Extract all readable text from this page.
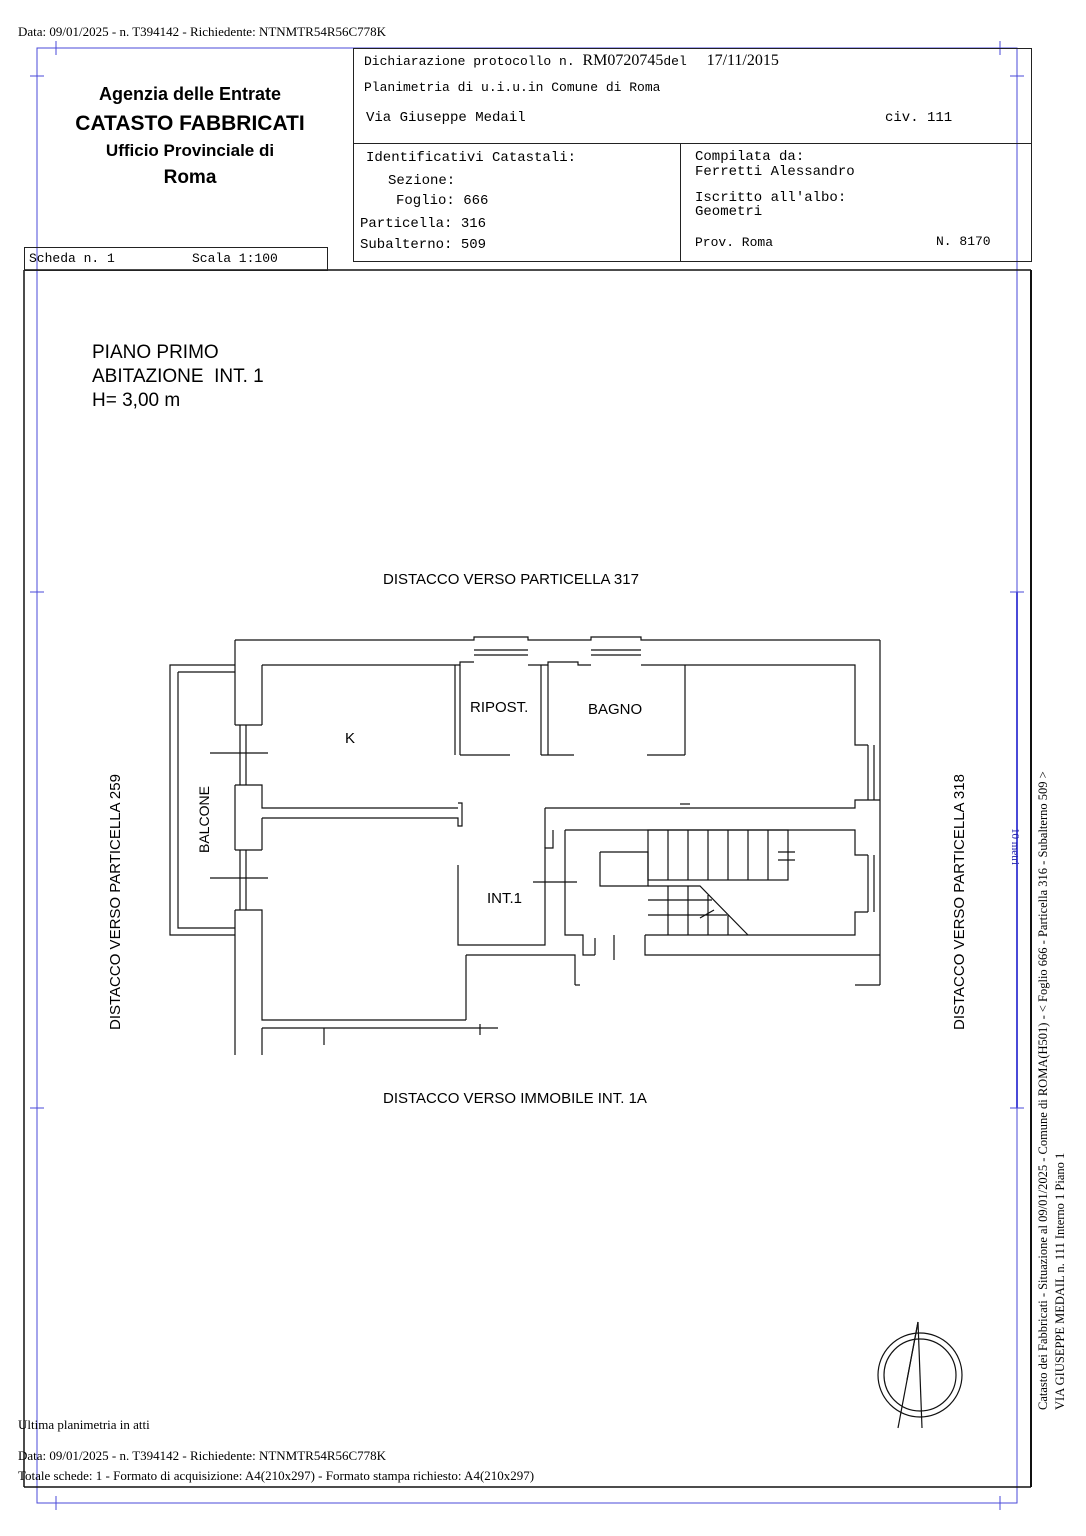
Data: 09/01/2025 - n. T394142 - Richiedente: NTNMTR54R56C778K
Agenzia delle Entrate
CATASTO FABBRICATI
Ufficio Provinciale di
Roma
Dichiarazione protocollo n. RM0720745del 17/11/2015
Planimetria di u.i.u.in Comune di Roma
Via Giuseppe Medail	civ. 111
Identificativi Catastali:
Sezione:
Foglio: 666
Particella: 316
Subalterno: 509
Compilata da:
Ferretti Alessandro
Iscritto all'albo:
Geometri
Prov. Roma	N. 8170
Scheda n. 1	Scala 1:100
PIANO PRIMO
ABITAZIONE  INT. 1
H= 3,00 m
DISTACCO VERSO PARTICELLA 317
DISTACCO VERSO IMMOBILE INT. 1A
DISTACCO VERSO PARTICELLA 259	DISTACCO VERSO PARTICELLA 318
K
RIPOST.	BAGNO
BALCONE
INT.1
10 metri Catasto dei Fabbricati - Situazione al 09/01/2025 - Comune di ROMA(H501) - < Foglio 666 - Particella 316 - Subalterno 509 > VIA GIUSEPPE MEDAIL n. 111 Interno 1 Piano 1
Ultima planimetria in atti
Data: 09/01/2025 - n. T394142 - Richiedente: NTNMTR54R56C778K
Totale schede: 1 - Formato di acquisizione: A4(210x297) - Formato stampa richiesto: A4(210x297)
